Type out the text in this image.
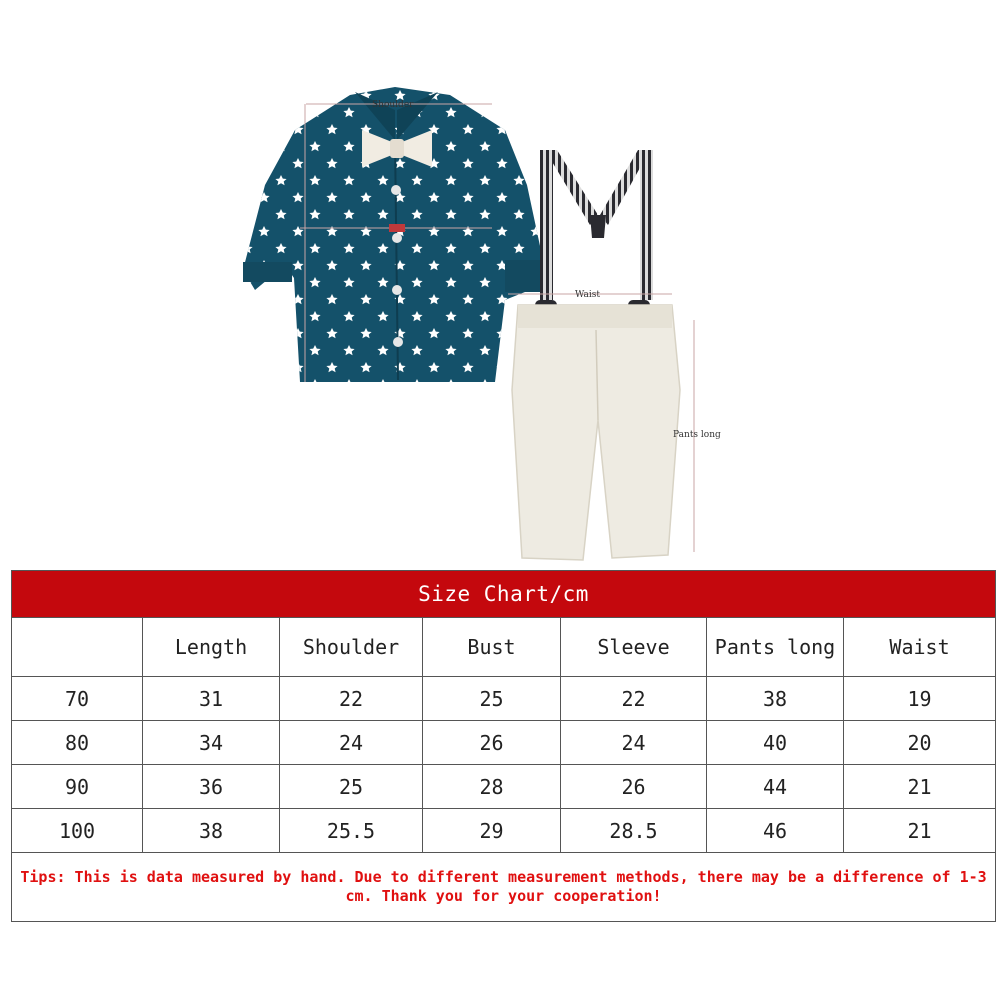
Shoulder
Waist
Pants long
Size Chart/cm						
	Length	Shoulder	Bust	Sleeve	Pants long	Waist
70	31	22	25	22	38	19
80	34	24	26	24	40	20
90	36	25	28	26	44	21
100	38	25.5	29	28.5	46	21
Tips: This is data measured by hand. Due to different measurement methods, there may be a difference of 1-3 cm. Thank you for your cooperation!						
